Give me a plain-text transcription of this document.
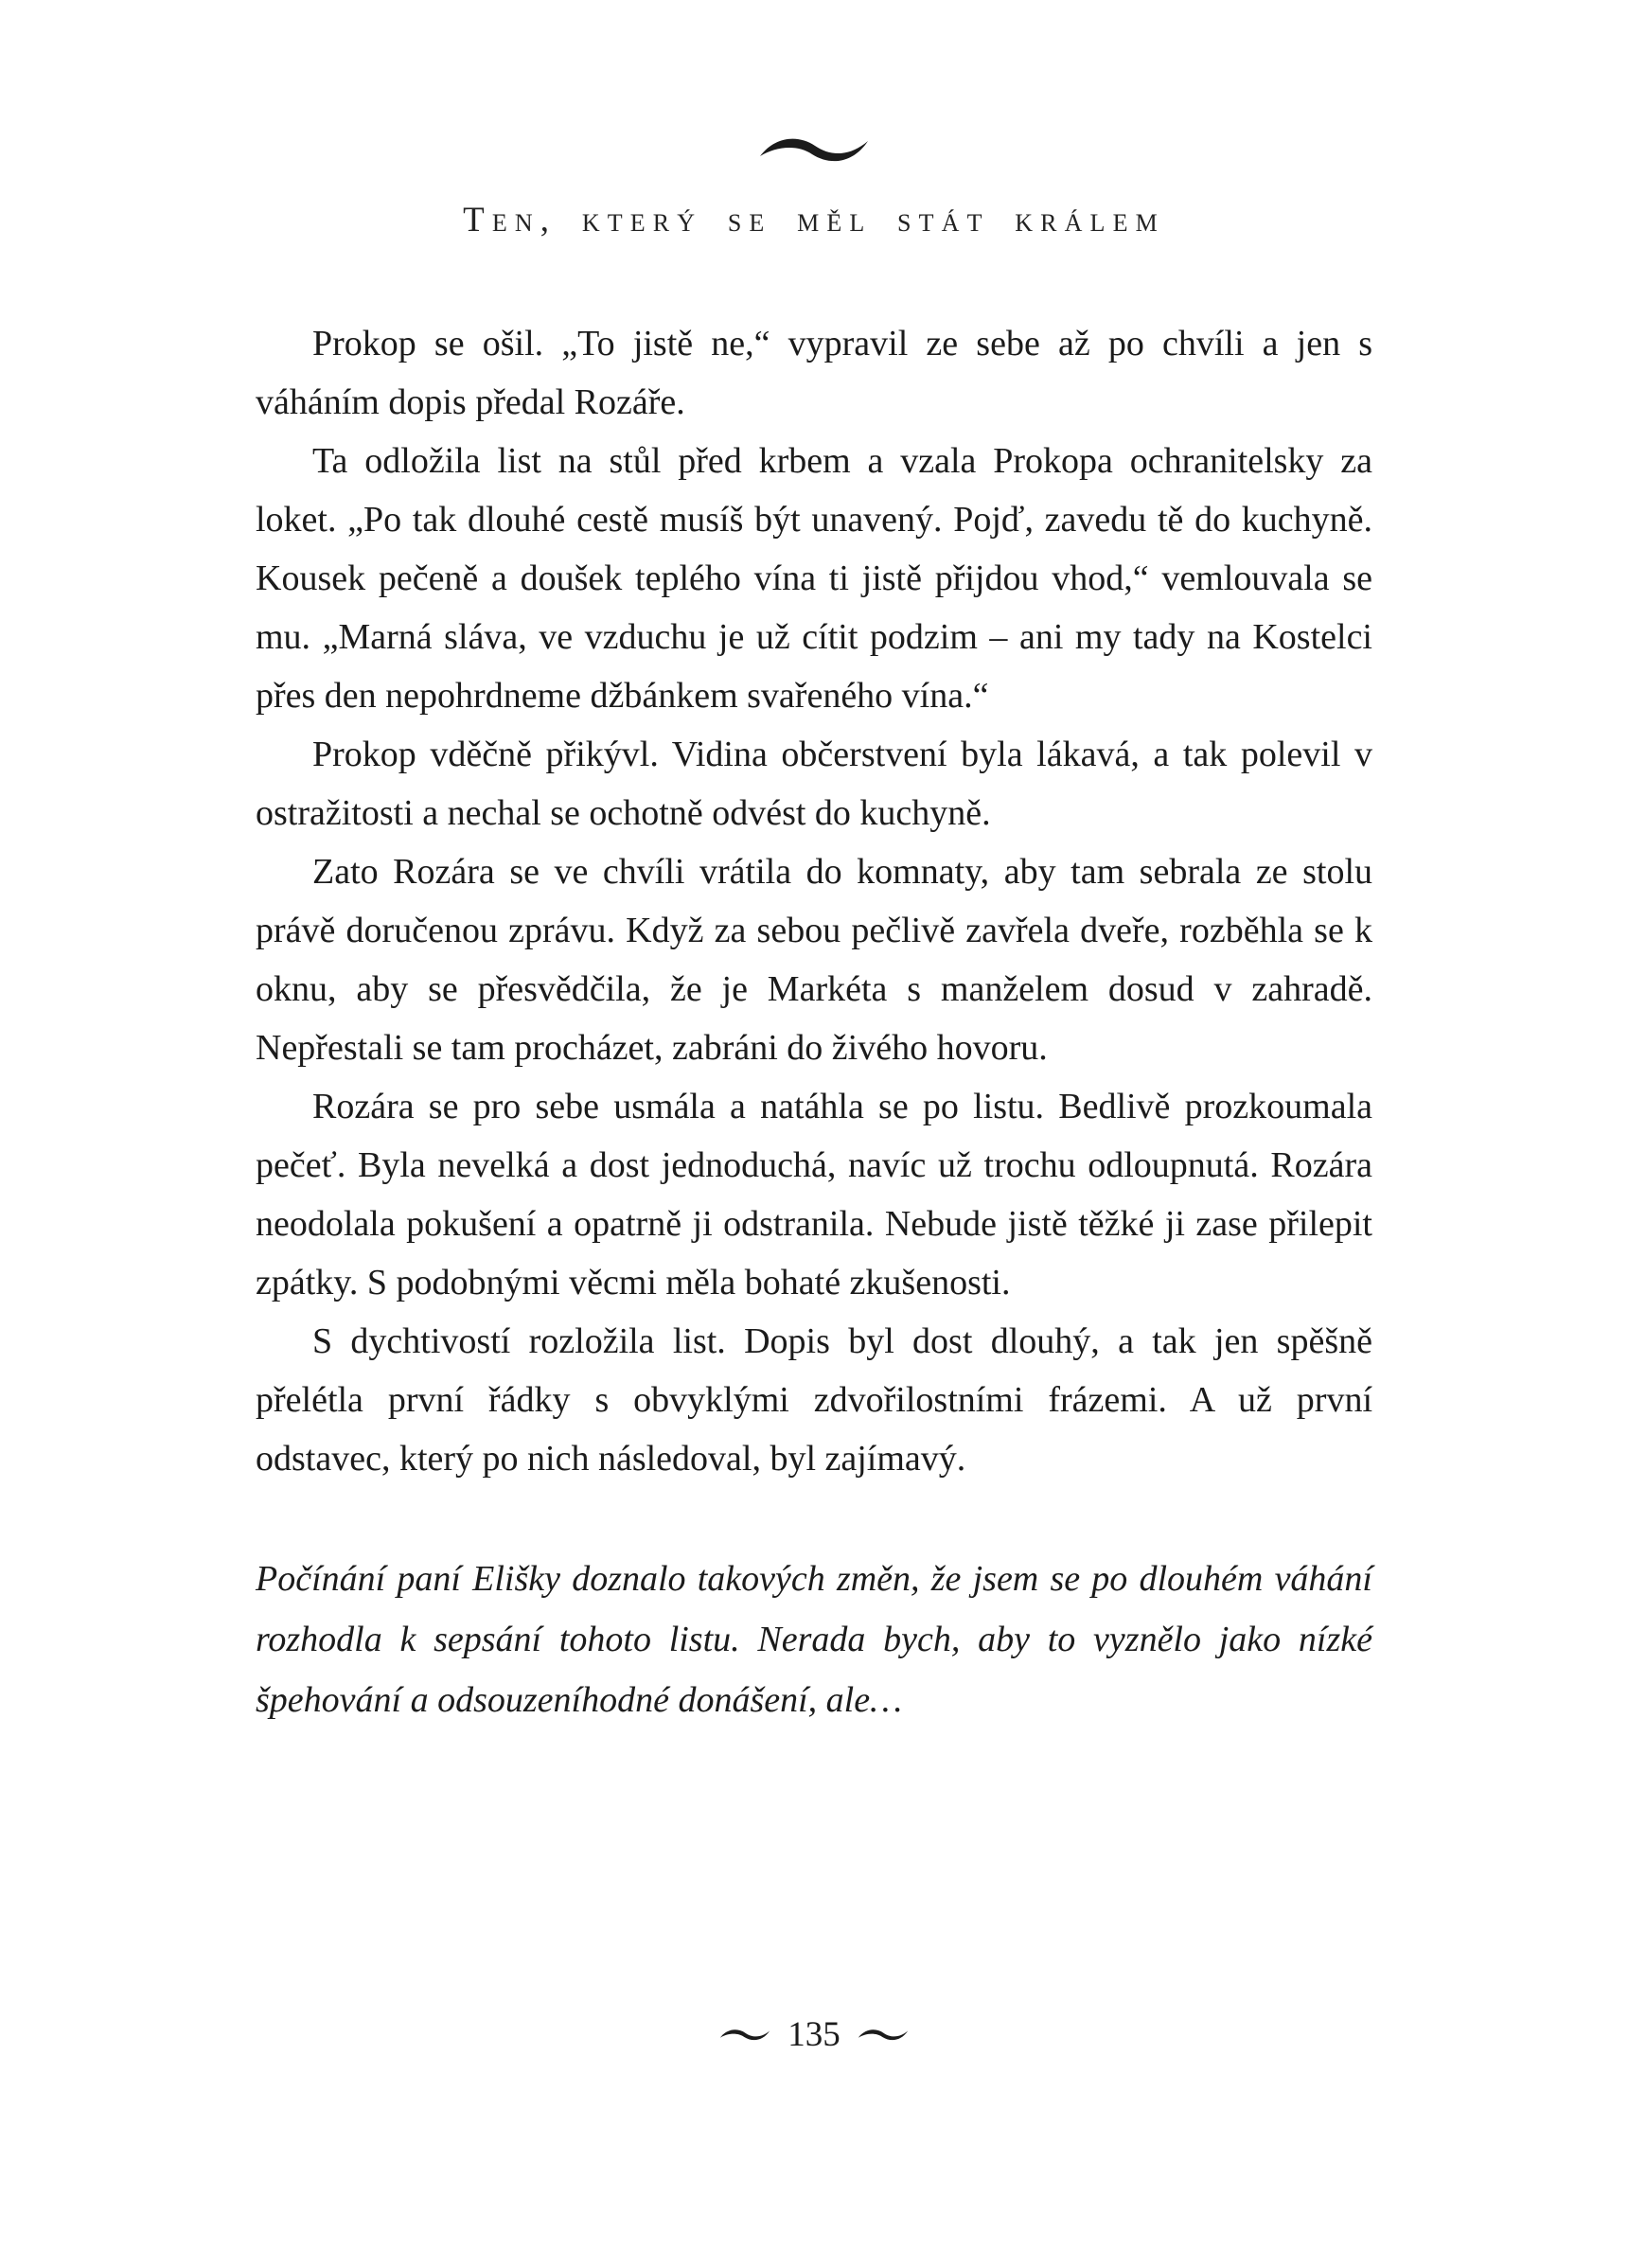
Ten, který se měl stát králem

Prokop se ošil. „To jistě ne,“ vypravil ze sebe až po chvíli a jen s váháním dopis předal Rozáře.

Ta odložila list na stůl před krbem a vzala Prokopa ochranitelsky za loket. „Po tak dlouhé cestě musíš být unavený. Pojď, zavedu tě do kuchyně. Kousek pečeně a doušek teplého vína ti jistě přijdou vhod,“ vemlouvala se mu. „Marná sláva, ve vzduchu je už cítit podzim – ani my tady na Kostelci přes den nepohrdneme džbánkem svařeného vína.“

Prokop vděčně přikývl. Vidina občerstvení byla lákavá, a tak polevil v ostražitosti a nechal se ochotně odvést do kuchyně.

Zato Rozára se ve chvíli vrátila do komnaty, aby tam sebrala ze stolu právě doručenou zprávu. Když za sebou pečlivě zavřela dveře, rozběhla se k oknu, aby se přesvědčila, že je Markéta s manželem dosud v zahradě. Nepřestali se tam procházet, zabráni do živého hovoru.

Rozára se pro sebe usmála a natáhla se po listu. Bedlivě prozkoumala pečeť. Byla nevelká a dost jednoduchá, navíc už trochu odloupnutá. Rozára neodolala pokušení a opatrně ji odstranila. Nebude jistě těžké ji zase přilepit zpátky. S podobnými věcmi měla bohaté zkušenosti.

S dychtivostí rozložila list. Dopis byl dost dlouhý, a tak jen spěšně přelétla první řádky s obvyklými zdvořilostními frázemi. A už první odstavec, který po nich následoval, byl zajímavý.

Počínání paní Elišky doznalo takových změn, že jsem se po dlouhém váhání rozhodla k sepsání tohoto listu. Nerada bych, aby to vyznělo jako nízké špehování a odsouzeníhodné donášení, ale…

135
